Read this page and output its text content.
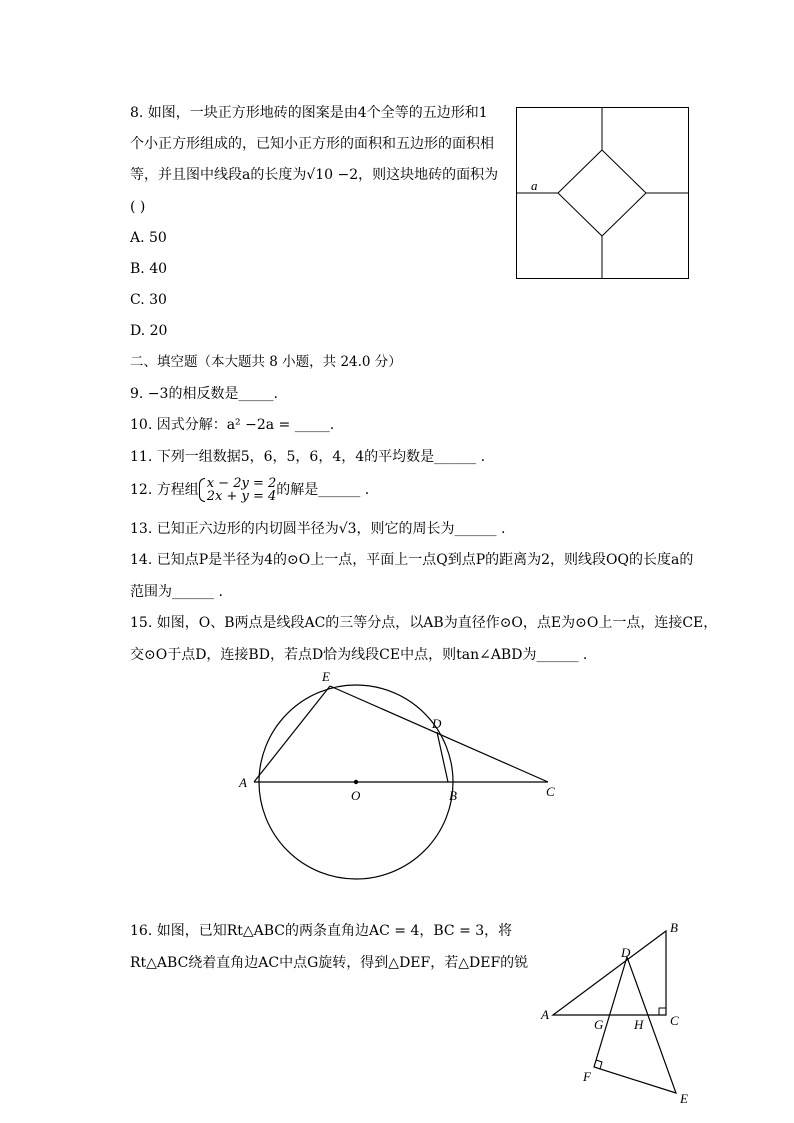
8. 如图，一块正方形地砖的图案是由4个全等的五边形和1
个小正方形组成的，已知小正方形的面积和五边形的面积相
等，并且图中线段a的长度为√10 −2，则这块地砖的面积为
( )
A. 50
B. 40
C. 30
D. 20
a
二、填空题（本大题共 8 小题，共 24.0 分）
9. −3的相反数是_____.
10. 因式分解：a² −2a = _____.
11. 下列一组数据5，6，5，6，4，4的平均数是______ .
12. 方程组 x − 2y = 2
2x + y = 4 的解是______ .
13. 已知正六边形的内切圆半径为√3，则它的周长为______ .
14. 已知点P是半径为4的⊙O上一点，平面上一点Q到点P的距离为2，则线段OQ的长度a的
范围为______ .
15. 如图，O、B两点是线段AC的三等分点，以AB为直径作⊙O，点E为⊙O上一点，连接CE，
交⊙O于点D，连接BD，若点D恰为线段CE中点，则tan∠ABD为______ .
E
D
A
O	B	C
16. 如图，已知Rt△ABC的两条直角边AC = 4，BC = 3，将
Rt△ABC绕着直角边AC中点G旋转，得到△DEF，若△DEF的锐
B
D
A
G H C
F
E
